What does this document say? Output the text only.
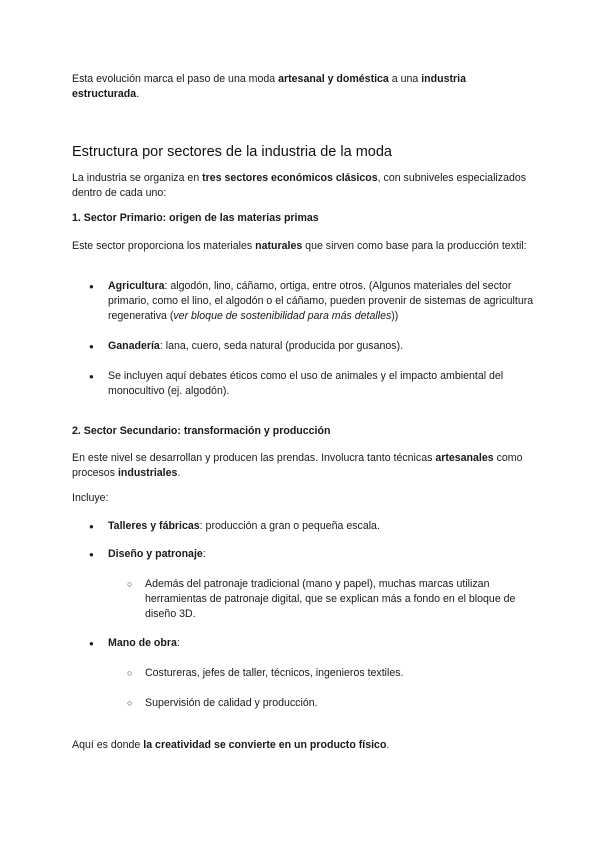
Esta evolución marca el paso de una moda artesanal y doméstica a una industria estructurada.

Estructura por sectores de la industria de la moda

La industria se organiza en tres sectores económicos clásicos, con subniveles especializados dentro de cada uno:

1. Sector Primario: origen de las materias primas

Este sector proporciona los materiales naturales que sirven como base para la producción textil:

● Agricultura: algodón, lino, cáñamo, ortiga, entre otros. (Algunos materiales del sector primario, como el lino, el algodón o el cáñamo, pueden provenir de sistemas de agricultura regenerativa (ver bloque de sostenibilidad para más detalles))

● Ganadería: lana, cuero, seda natural (producida por gusanos).

● Se incluyen aquí debates éticos como el uso de animales y el impacto ambiental del monocultivo (ej. algodón).

2. Sector Secundario: transformación y producción

En este nivel se desarrollan y producen las prendas. Involucra tanto técnicas artesanales como procesos industriales.

Incluye:

● Talleres y fábricas: producción a gran o pequeña escala.

● Diseño y patronaje:

○ Además del patronaje tradicional (mano y papel), muchas marcas utilizan herramientas de patronaje digital, que se explican más a fondo en el bloque de diseño 3D.

● Mano de obra:

○ Costureras, jefes de taller, técnicos, ingenieros textiles.

○ Supervisión de calidad y producción.

Aquí es donde la creatividad se convierte en un producto físico.
